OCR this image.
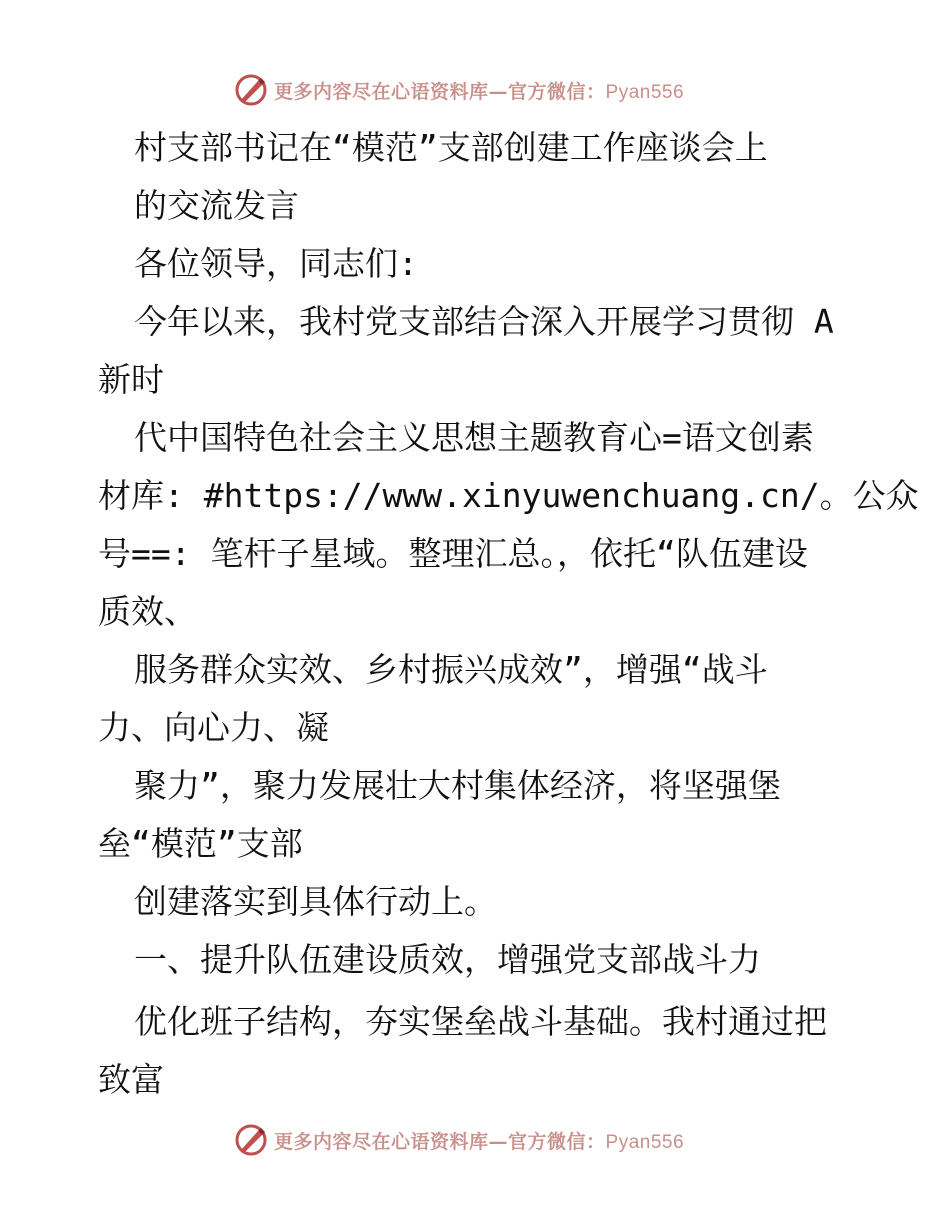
更多内容尽在心语资料库—官方微信：Pyan556
村支部书记在“模范”支部创建工作座谈会上
的交流发言
各位领导，同志们:
今年以来，我村党支部结合深入开展学习贯彻 A
新时
代中国特色社会主义思想主题教育心=语文创素
材库: #https://www.xinyuwenchuang.cn/。公众
号==: 笔杆子星域。整理汇总。，依托“队伍建设
质效、
服务群众实效、乡村振兴成效”，增强“战斗
力、向心力、凝
聚力”，聚力发展壮大村集体经济，将坚强堡
垒“模范”支部
创建落实到具体行动上。
一、提升队伍建设质效，增强党支部战斗力
优化班子结构，夯实堡垒战斗基础。我村通过把
致富
更多内容尽在心语资料库—官方微信：Pyan556
